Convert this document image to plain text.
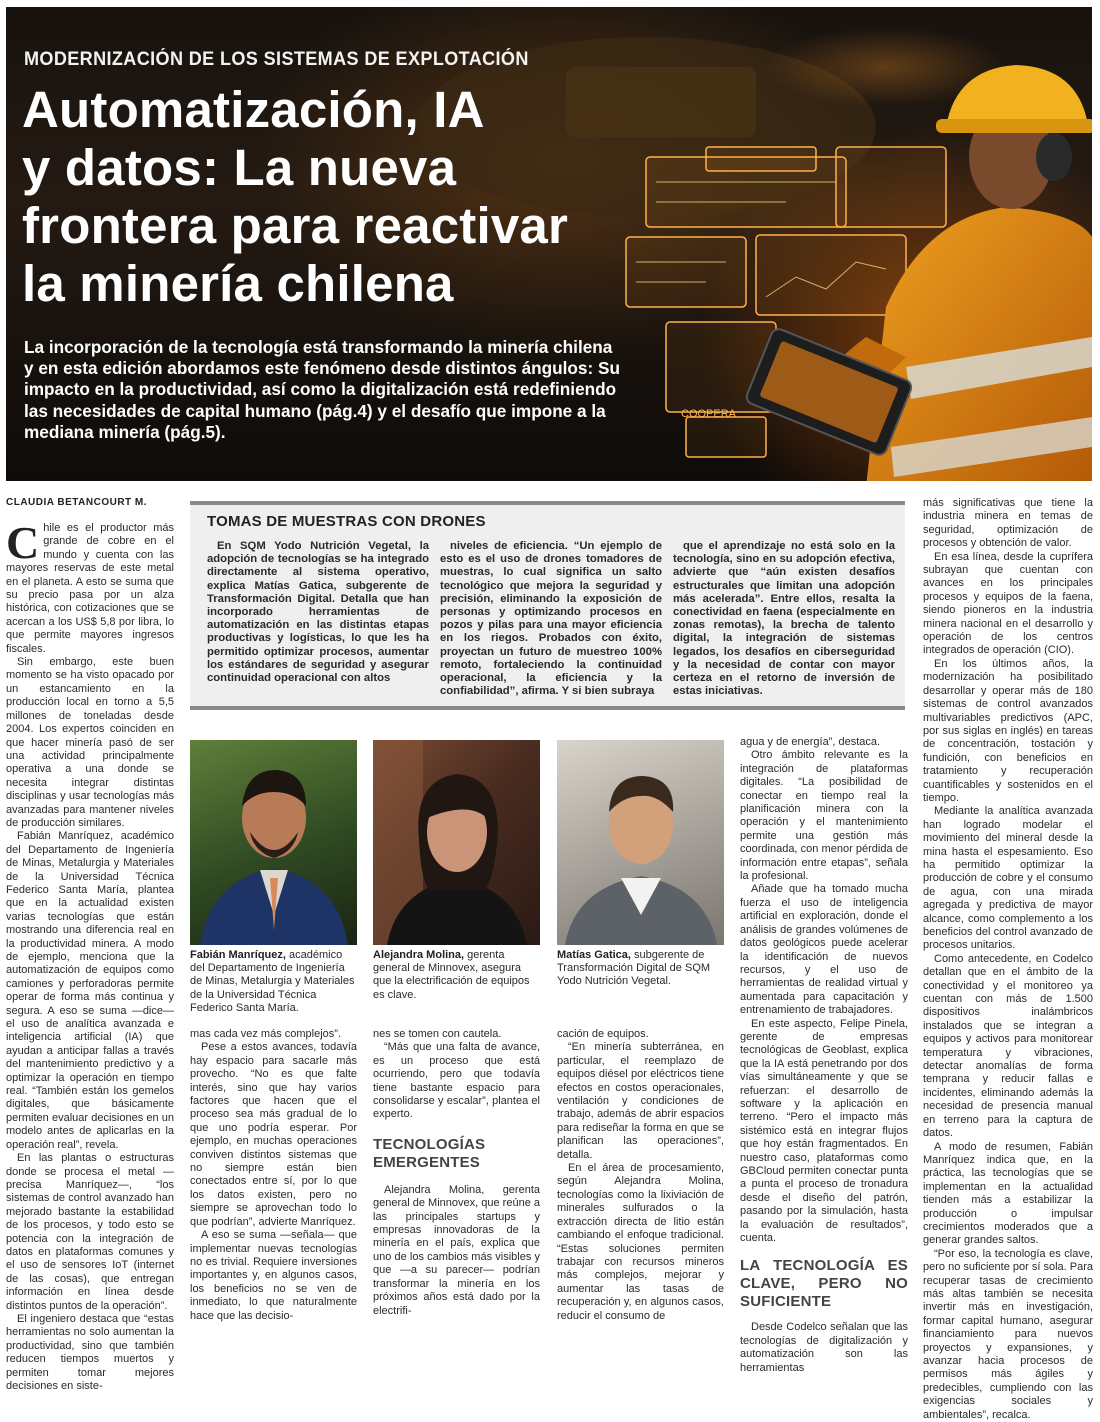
COOPERA
MODERNIZACIÓN DE LOS SISTEMAS DE EXPLOTACIÓN
Automatización, IA
y datos: La nueva
frontera para reactivar
la minería chilena
La incorporación de la tecnología está transformando la minería chilena y en esta edición abordamos este fenómeno desde distintos ángulos: Su impacto en la productividad, así como la digitalización está redefiniendo las necesidades de capital humano (pág.4) y el desafío que impone a la mediana minería (pág.5).
CLAUDIA BETANCOURT M.

Chile es el productor más grande de cobre en el mundo y cuenta con las mayores reservas de este metal en el planeta. A esto se suma que su precio pasa por un alza histórica, con cotizaciones que se acercan a los US$ 5,8 por libra, lo que permite mayores ingresos fiscales.

Sin embargo, este buen momento se ha visto opacado por un estancamiento en la producción local en torno a 5,5 millones de toneladas desde 2004. Los expertos coinciden en que hacer minería pasó de ser una actividad principalmente operativa a una donde se necesita integrar distintas disciplinas y usar tecnologías más avanzadas para mantener niveles de producción similares.

Fabián Manríquez, académico del Departamento de Ingeniería de Minas, Metalurgia y Materiales de la Universidad Técnica Federico Santa María, plantea que en la actualidad existen varias tecnologías que están mostrando una diferencia real en la productividad minera. A modo de ejemplo, menciona que la automatización de equipos como camiones y perforadoras permite operar de forma más continua y segura. A eso se suma —dice— el uso de analítica avanzada e inteligencia artificial (IA) que ayudan a anticipar fallas a través del mantenimiento predictivo y a optimizar la operación en tiempo real. “También están los gemelos digitales, que básicamente permiten evaluar decisiones en un modelo antes de aplicarlas en la operación real”, revela.

En las plantas o estructuras donde se procesa el metal —precisa Manríquez—, “los sistemas de control avanzado han mejorado bastante la estabilidad de los procesos, y todo esto se potencia con la integración de datos en plataformas comunes y el uso de sensores IoT (internet de las cosas), que entregan información en línea desde distintos puntos de la operación”.

El ingeniero destaca que “estas herramientas no solo aumentan la productividad, sino que también reducen tiempos muertos y permiten tomar mejores decisiones en siste-

TOMAS DE MUESTRAS CON DRONES

En SQM Yodo Nutrición Vegetal, la adopción de tecnologías se ha integrado directamente al sistema operativo, explica Matías Gatica, subgerente de Transformación Digital. Detalla que han incorporado herramientas de automatización en las distintas etapas productivas y logísticas, lo que les ha permitido optimizar procesos, aumentar los estándares de seguridad y asegurar continuidad operacional con altos

niveles de eficiencia. “Un ejemplo de esto es el uso de drones tomadores de muestras, lo cual significa un salto tecnológico que mejora la seguridad y precisión, eliminando la exposición de personas y optimizando procesos en pozos y pilas para una mayor eficiencia en los riegos. Probados con éxito, proyectan un futuro de muestreo 100% remoto, fortaleciendo la continuidad operacional, la eficiencia y la confiabilidad”, afirma. Y si bien subraya

que el aprendizaje no está solo en la tecnología, sino en su adopción efectiva, advierte que “aún existen desafíos estructurales que limitan una adopción más acelerada”. Entre ellos, resalta la conectividad en faena (especialmente en zonas remotas), la brecha de talento digital, la integración de sistemas legados, los desafíos en ciberseguridad y la necesidad de contar con mayor certeza en el retorno de inversión de estas iniciativas.

Fabián Manríquez, académico del Departamento de Ingeniería de Minas, Metalurgia y Materiales de la Universidad Técnica Federico Santa María.
Alejandra Molina, gerenta general de Minnovex, asegura que la electrificación de equipos es clave.
Matías Gatica, subgerente de Transformación Digital de SQM Yodo Nutrición Vegetal.

mas cada vez más complejos”.

Pese a estos avances, todavía hay espacio para sacarle más provecho. “No es que falte interés, sino que hay varios factores que hacen que el proceso sea más gradual de lo que uno podría esperar. Por ejemplo, en muchas operaciones conviven distintos sistemas que no siempre están bien conectados entre sí, por lo que los datos existen, pero no siempre se aprovechan todo lo que podrían”, advierte Manríquez.

A eso se suma —señala— que implementar nuevas tecnologías no es trivial. Requiere inversiones importantes y, en algunos casos, los beneficios no se ven de inmediato, lo que naturalmente hace que las decisio-

nes se tomen con cautela.

“Más que una falta de avance, es un proceso que está ocurriendo, pero que todavía tiene bastante espacio para consolidarse y escalar”, plantea el experto.

TECNOLOGÍAS EMERGENTES

Alejandra Molina, gerenta general de Minnovex, que reúne a las principales startups y empresas innovadoras de la minería en el país, explica que uno de los cambios más visibles y que —a su parecer— podrían transformar la minería en los próximos años está dado por la electrifi-

cación de equipos.

“En minería subterránea, en particular, el reemplazo de equipos diésel por eléctricos tiene efectos en costos operacionales, ventilación y condiciones de trabajo, además de abrir espacios para rediseñar la forma en que se planifican las operaciones”, detalla.

En el área de procesamiento, según Alejandra Molina, tecnologías como la lixiviación de minerales sulfurados o la extracción directa de litio están cambiando el enfoque tradicional. “Estas soluciones permiten trabajar con recursos mineros más complejos, mejorar y aumentar las tasas de recuperación y, en algunos casos, reducir el consumo de

agua y de energía”, destaca.

Otro ámbito relevante es la integración de plataformas digitales. “La posibilidad de conectar en tiempo real la planificación minera con la operación y el mantenimiento permite una gestión más coordinada, con menor pérdida de información entre etapas”, señala la profesional.

Añade que ha tomado mucha fuerza el uso de inteligencia artificial en exploración, donde el análisis de grandes volúmenes de datos geológicos puede acelerar la identificación de nuevos recursos, y el uso de herramientas de realidad virtual y aumentada para capacitación y entrenamiento de trabajadores.

En este aspecto, Felipe Pinela, gerente de empresas tecnológicas de Geoblast, explica que la IA está penetrando por dos vías simultáneamente y que se refuerzan: el desarrollo de software y la aplicación en terreno. “Pero el impacto más sistémico está en integrar flujos que hoy están fragmentados. En nuestro caso, plataformas como GBCloud permiten conectar punta a punta el proceso de tronadura desde el diseño del patrón, pasando por la simulación, hasta la evaluación de resultados”, cuenta.

LA TECNOLOGÍA ES CLAVE, PERO NO SUFICIENTE

Desde Codelco señalan que las tecnologías de digitalización y automatización son las herramientas

más significativas que tiene la industria minera en temas de seguridad, optimización de procesos y obtención de valor.

En esa línea, desde la cuprífera subrayan que cuentan con avances en los principales procesos y equipos de la faena, siendo pioneros en la industria minera nacional en el desarrollo y operación de los centros integrados de operación (CIO).

En los últimos años, la modernización ha posibilitado desarrollar y operar más de 180 sistemas de control avanzados multivariables predictivos (APC, por sus siglas en inglés) en tareas de concentración, tostación y fundición, con beneficios en tratamiento y recuperación cuantificables y sostenidos en el tiempo.

Mediante la analítica avanzada han logrado modelar el movimiento del mineral desde la mina hasta el espesamiento. Eso ha permitido optimizar la producción de cobre y el consumo de agua, con una mirada agregada y predictiva de mayor alcance, como complemento a los beneficios del control avanzado de procesos unitarios.

Como antecedente, en Codelco detallan que en el ámbito de la conectividad y el monitoreo ya cuentan con más de 1.500 dispositivos inalámbricos instalados que se integran a equipos y activos para monitorear temperatura y vibraciones, detectar anomalías de forma temprana y reducir fallas e incidentes, eliminando además la necesidad de presencia manual en terreno para la captura de datos.

A modo de resumen, Fabián Manríquez indica que, en la práctica, las tecnologías que se implementan en la actualidad tienden más a estabilizar la producción o impulsar crecimientos moderados que a generar grandes saltos.

“Por eso, la tecnología es clave, pero no suficiente por sí sola. Para recuperar tasas de crecimiento más altas también se necesita invertir más en investigación, formar capital humano, asegurar financiamiento para nuevos proyectos y expansiones, y avanzar hacia procesos de permisos más ágiles y predecibles, cumpliendo con las exigencias sociales y ambientales”, recalca.
